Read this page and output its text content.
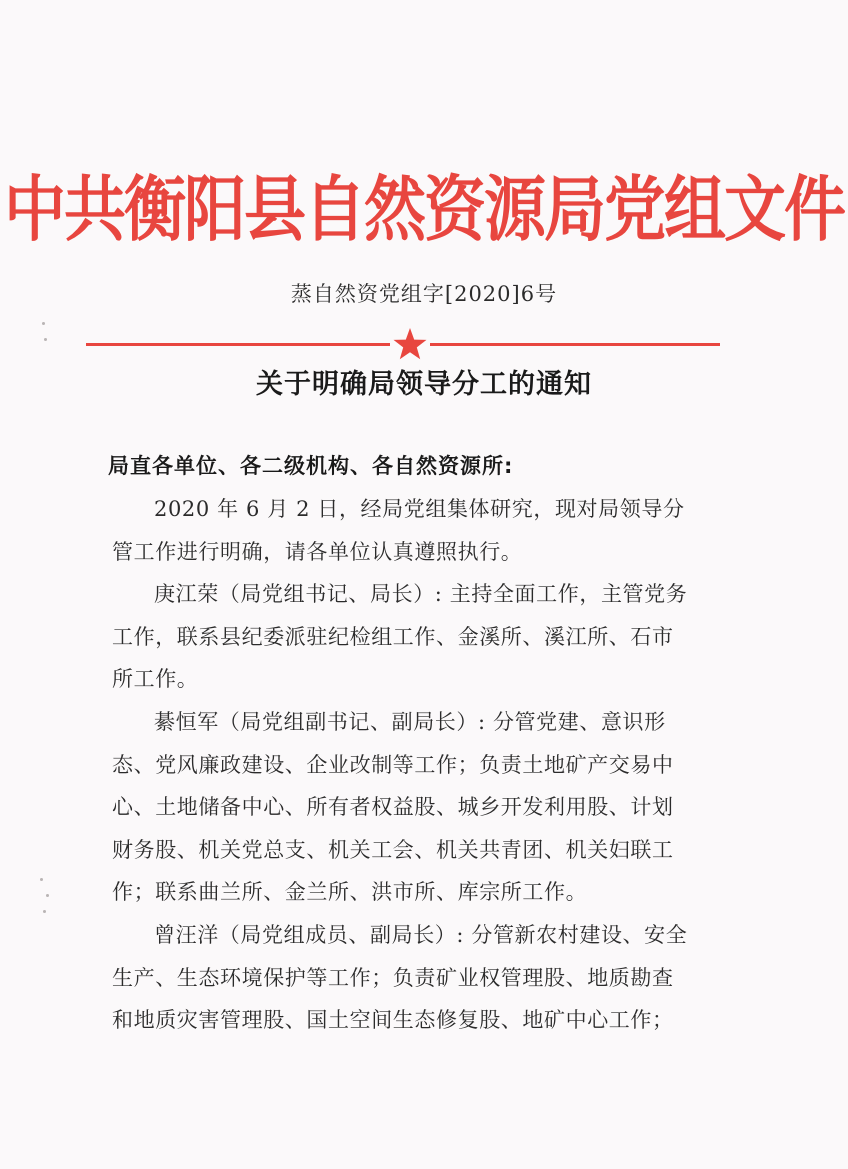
中共衡阳县自然资源局党组文件
蒸自然资党组字[2020]6号
关于明确局领导分工的通知
局直各单位、各二级机构、各自然资源所:

2020 年 6 月 2 日，经局党组集体研究，现对局领导分管工作进行明确，请各单位认真遵照执行。

庚江荣（局党组书记、局长）: 主持全面工作，主管党务工作，联系县纪委派驻纪检组工作、金溪所、溪江所、石市所工作。

綦恒军（局党组副书记、副局长）: 分管党建、意识形态、党风廉政建设、企业改制等工作；负责土地矿产交易中心、土地储备中心、所有者权益股、城乡开发利用股、计划财务股、机关党总支、机关工会、机关共青团、机关妇联工作；联系曲兰所、金兰所、洪市所、库宗所工作。

曾汪洋（局党组成员、副局长）: 分管新农村建设、安全生产、生态环境保护等工作；负责矿业权管理股、地质勘查和地质灾害管理股、国土空间生态修复股、地矿中心工作；
